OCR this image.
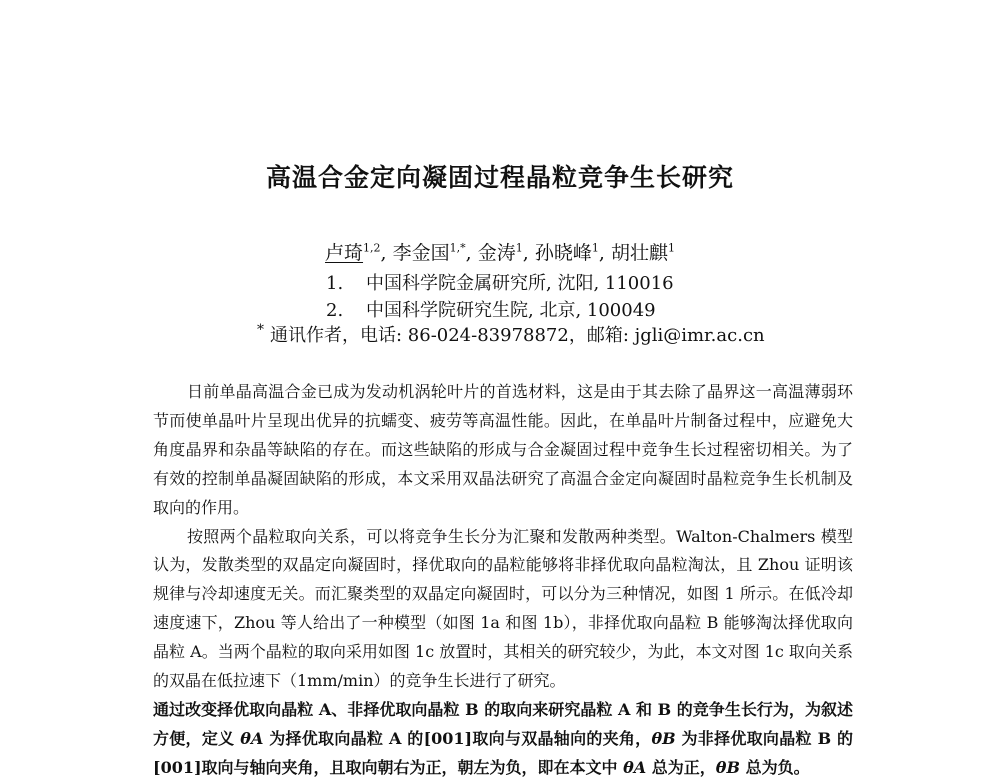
高温合金定向凝固过程晶粒竞争生长研究
卢琦$^{1,2}$, 李金国$^{1,*}$, 金涛$^1$, 孙晓峰$^1$, 胡壮麒$^1$
1. 中国科学院金属研究所, 沈阳, 110016
2. 中国科学院研究生院, 北京, 100049
* 通讯作者，电话: 86-024-83978872，邮箱: jgli@imr.ac.cn

日前单晶高温合金已成为发动机涡轮叶片的首选材料，这是由于其去除了晶界这一高温薄弱环节而使单晶叶片呈现出优异的抗蠕变、疲劳等高温性能。因此，在单晶叶片制备过程中，应避免大角度晶界和杂晶等缺陷的存在。而这些缺陷的形成与合金凝固过程中竞争生长过程密切相关。为了有效的控制单晶凝固缺陷的形成，本文采用双晶法研究了高温合金定向凝固时晶粒竞争生长机制及取向的作用。

按照两个晶粒取向关系，可以将竞争生长分为汇聚和发散两种类型。Walton-Chalmers 模型认为，发散类型的双晶定向凝固时，择优取向的晶粒能够将非择优取向晶粒淘汰，且 Zhou 证明该规律与冷却速度无关。而汇聚类型的双晶定向凝固时，可以分为三种情况，如图 1 所示。在低冷却速度速下，Zhou 等人给出了一种模型（如图 1a 和图 1b），非择优取向晶粒 B 能够淘汰择优取向晶粒 A。当两个晶粒的取向采用如图 1c 放置时，其相关的研究较少，为此，本文对图 1c 取向关系的双晶在低拉速下（1mm/min）的竞争生长进行了研究。

通过改变择优取向晶粒 A、非择优取向晶粒 B 的取向来研究晶粒 A 和 B 的竞争生长行为，为叙述方便，定义 θA 为择优取向晶粒 A 的[001]取向与双晶轴向的夹角，θB 为非择优取向晶粒 B 的[001]取向与轴向夹角，且取向朝右为正，朝左为负，即在本文中 θA 总为正，θB 总为负。
